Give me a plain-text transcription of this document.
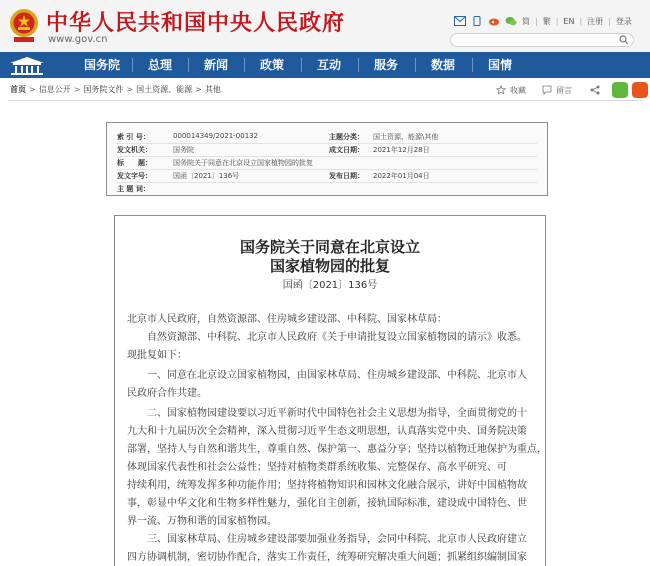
中华人民共和国中央人民政府
www.gov.cn
简 | 繁 | EN | 注册 | 登录
国务院	总理	新闻	政策	互动	服务	数据	国情
首页 > 信息公开 > 国务院文件 > 国土资源、能源 > 其他	收藏	留言
索 引 号：	000014349/2021-00132	主题分类： 国土资源、能源\其他
发文机关：	国务院	成文日期： 2021年12月28日
标　　题：	国务院关于同意在北京设立国家植物园的批复
发文字号：	国函〔2021〕136号	发布日期： 2022年01月04日
主 题 词：
国务院关于同意在北京设立
国家植物园的批复
国函〔2021〕136号
北京市人民政府，自然资源部、住房城乡建设部、中科院、国家林草局：
　　自然资源部、中科院、北京市人民政府《关于申请批复设立国家植物园的请示》收悉。
现批复如下：
　　一、同意在北京设立国家植物园，由国家林草局、住房城乡建设部、中科院、北京市人
民政府合作共建。
　　二、国家植物园建设要以习近平新时代中国特色社会主义思想为指导，全面贯彻党的十
九大和十九届历次全会精神，深入贯彻习近平生态文明思想，认真落实党中央、国务院决策
部署，坚持人与自然和谐共生，尊重自然、保护第一、惠益分享；坚持以植物迁地保护为重点，
体现国家代表性和社会公益性；坚持对植物类群系统收集、完整保存、高水平研究、可
持续利用，统筹发挥多种功能作用；坚持将植物知识和园林文化融合展示，讲好中国植物故
事，彰显中华文化和生物多样性魅力，强化自主创新，接轨国际标准，建设成中国特色、世
界一流、万物和谐的国家植物园。
　　三、国家林草局、住房城乡建设部要加强业务指导，会同中科院、北京市人民政府建立
四方协调机制，密切协作配合，落实工作责任，统筹研究解决重大问题；抓紧组织编制国家
